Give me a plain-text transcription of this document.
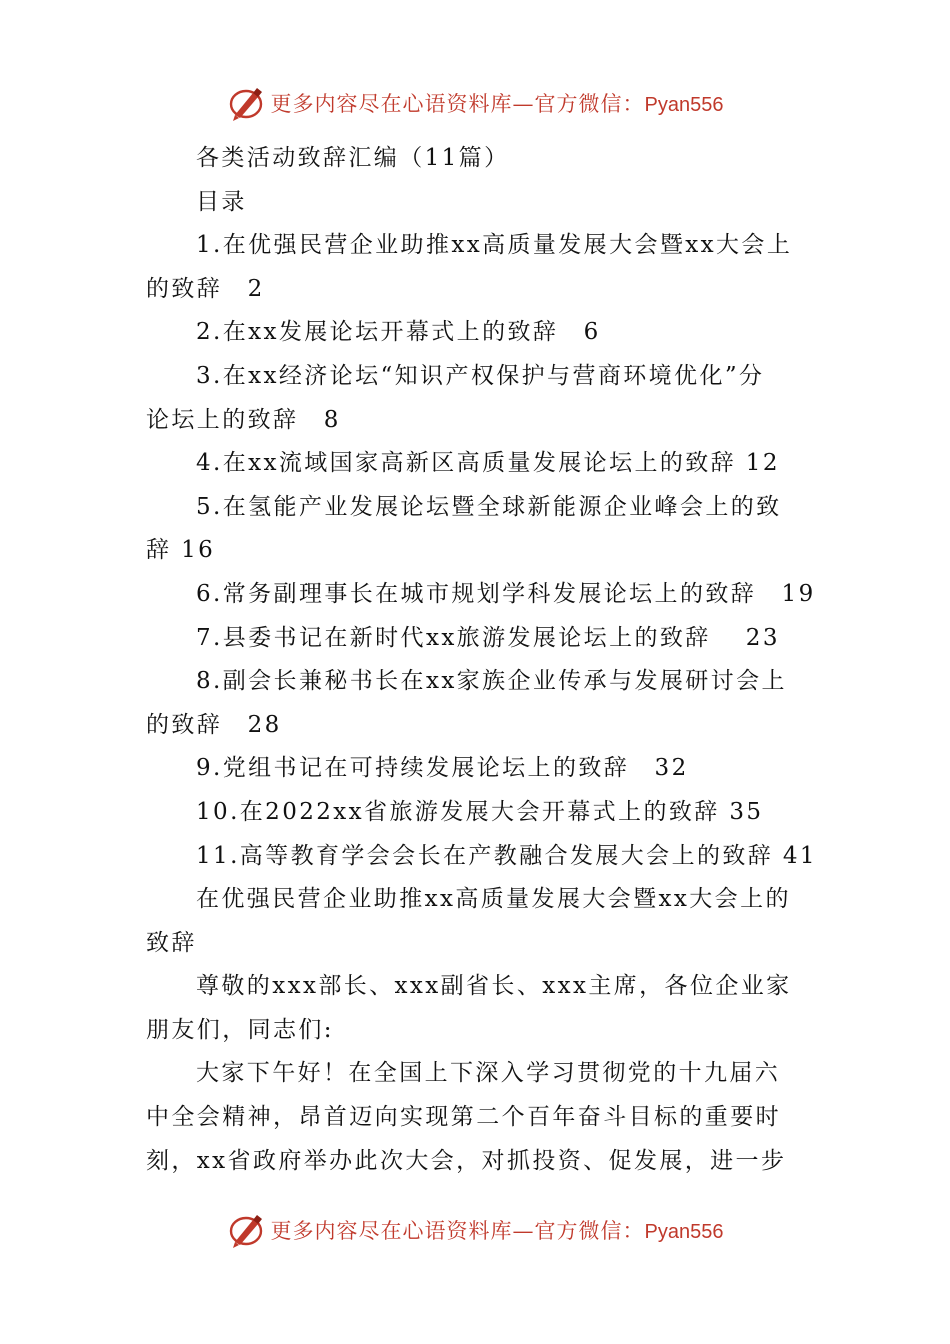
更多内容尽在心语资料库—官方微信：Pyan556
各类活动致辞汇编（11篇）
目录
1.在优强民营企业助推xx高质量发展大会暨xx大会上
的致辞　2
2.在xx发展论坛开幕式上的致辞　6
3.在xx经济论坛“知识产权保护与营商环境优化”分
论坛上的致辞　8
4.在xx流域国家高新区高质量发展论坛上的致辞 12
5.在氢能产业发展论坛暨全球新能源企业峰会上的致
辞 16
6.常务副理事长在城市规划学科发展论坛上的致辞　19
7.县委书记在新时代xx旅游发展论坛上的致辞　 23
8.副会长兼秘书长在xx家族企业传承与发展研讨会上
的致辞　28
9.党组书记在可持续发展论坛上的致辞　32
10.在2022xx省旅游发展大会开幕式上的致辞 35
11.高等教育学会会长在产教融合发展大会上的致辞 41
在优强民营企业助推xx高质量发展大会暨xx大会上的
致辞
尊敬的xxx部长、xxx副省长、xxx主席，各位企业家
朋友们，同志们:
大家下午好！在全国上下深入学习贯彻党的十九届六
中全会精神，昂首迈向实现第二个百年奋斗目标的重要时
刻，xx省政府举办此次大会，对抓投资、促发展，进一步
更多内容尽在心语资料库—官方微信：Pyan556
